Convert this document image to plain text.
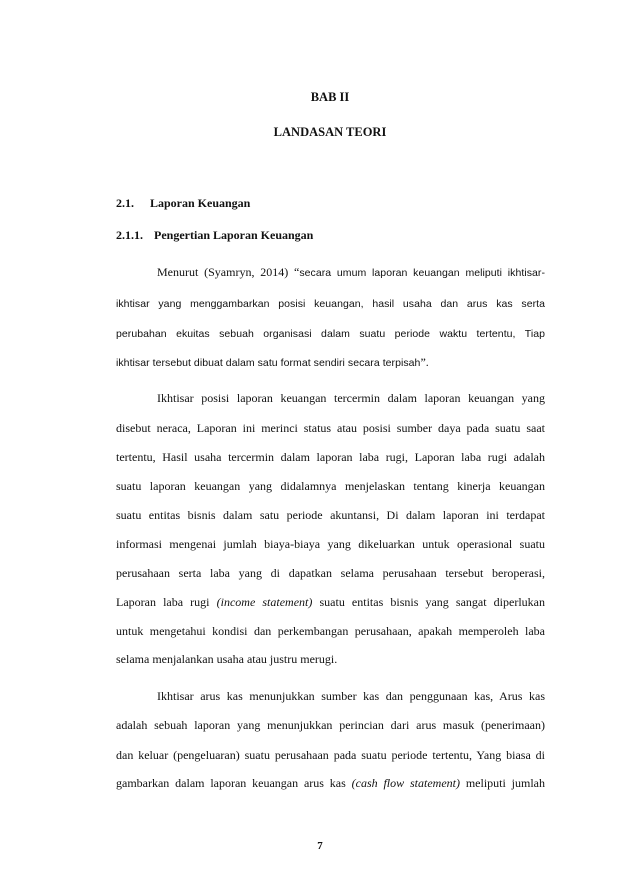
BAB II
LANDASAN TEORI
2.1. Laporan Keuangan
2.1.1. Pengertian Laporan Keuangan
Menurut (Syamryn, 2014) “secara umum laporan keuangan meliputi ikhtisar-
ikhtisar yang menggambarkan posisi keuangan, hasil usaha dan arus kas serta
perubahan ekuitas sebuah organisasi dalam suatu periode waktu tertentu, Tiap
ikhtisar tersebut dibuat dalam satu format sendiri secara terpisah”.
Ikhtisar posisi laporan keuangan tercermin dalam laporan keuangan yang
disebut neraca, Laporan ini merinci status atau posisi sumber daya pada suatu saat
tertentu, Hasil usaha tercermin dalam laporan laba rugi, Laporan laba rugi adalah
suatu laporan keuangan yang didalamnya menjelaskan tentang kinerja keuangan
suatu entitas bisnis dalam satu periode akuntansi, Di dalam laporan ini terdapat
informasi mengenai jumlah biaya-biaya yang dikeluarkan untuk operasional suatu
perusahaan serta laba yang di dapatkan selama perusahaan tersebut beroperasi,
Laporan laba rugi (income statement) suatu entitas bisnis yang sangat diperlukan
untuk mengetahui kondisi dan perkembangan perusahaan, apakah memperoleh laba
selama menjalankan usaha atau justru merugi.
Ikhtisar arus kas menunjukkan sumber kas dan penggunaan kas, Arus kas
adalah sebuah laporan yang menunjukkan perincian dari arus masuk (penerimaan)
dan keluar (pengeluaran) suatu perusahaan pada suatu periode tertentu, Yang biasa di
gambarkan dalam laporan keuangan arus kas (cash flow statement) meliputi jumlah
7
